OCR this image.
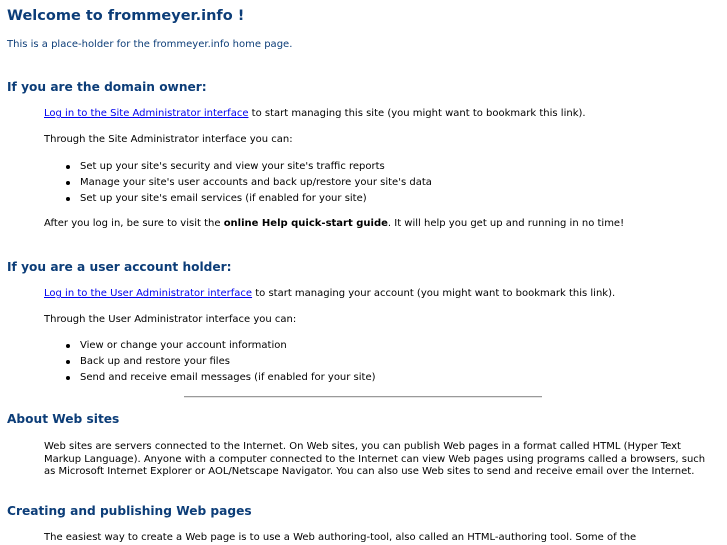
Welcome to frommeyer.info !

This is a place-holder for the frommeyer.info home page.

If you are the domain owner:

Log in to the Site Administrator interface to start managing this site (you might want to bookmark this link).

Through the Site Administrator interface you can:

Set up your site's security and view your site's traffic reports
Manage your site's user accounts and back up/restore your site's data
Set up your site's email services (if enabled for your site)

After you log in, be sure to visit the online Help quick-start guide. It will help you get up and running in no time!

If you are a user account holder:

Log in to the User Administrator interface to start managing your account (you might want to bookmark this link).

Through the User Administrator interface you can:

View or change your account information
Back up and restore your files
Send and receive email messages (if enabled for your site)
About Web sites

Web sites are servers connected to the Internet. On Web sites, you can publish Web pages in a format called HTML (Hyper Text Markup Language). Anyone with a computer connected to the Internet can view Web pages using programs called a browsers, such as Microsoft Internet Explorer or AOL/Netscape Navigator. You can also use Web sites to send and receive email over the Internet.

Creating and publishing Web pages

The easiest way to create a Web page is to use a Web authoring-tool, also called an HTML-authoring tool. Some of the
